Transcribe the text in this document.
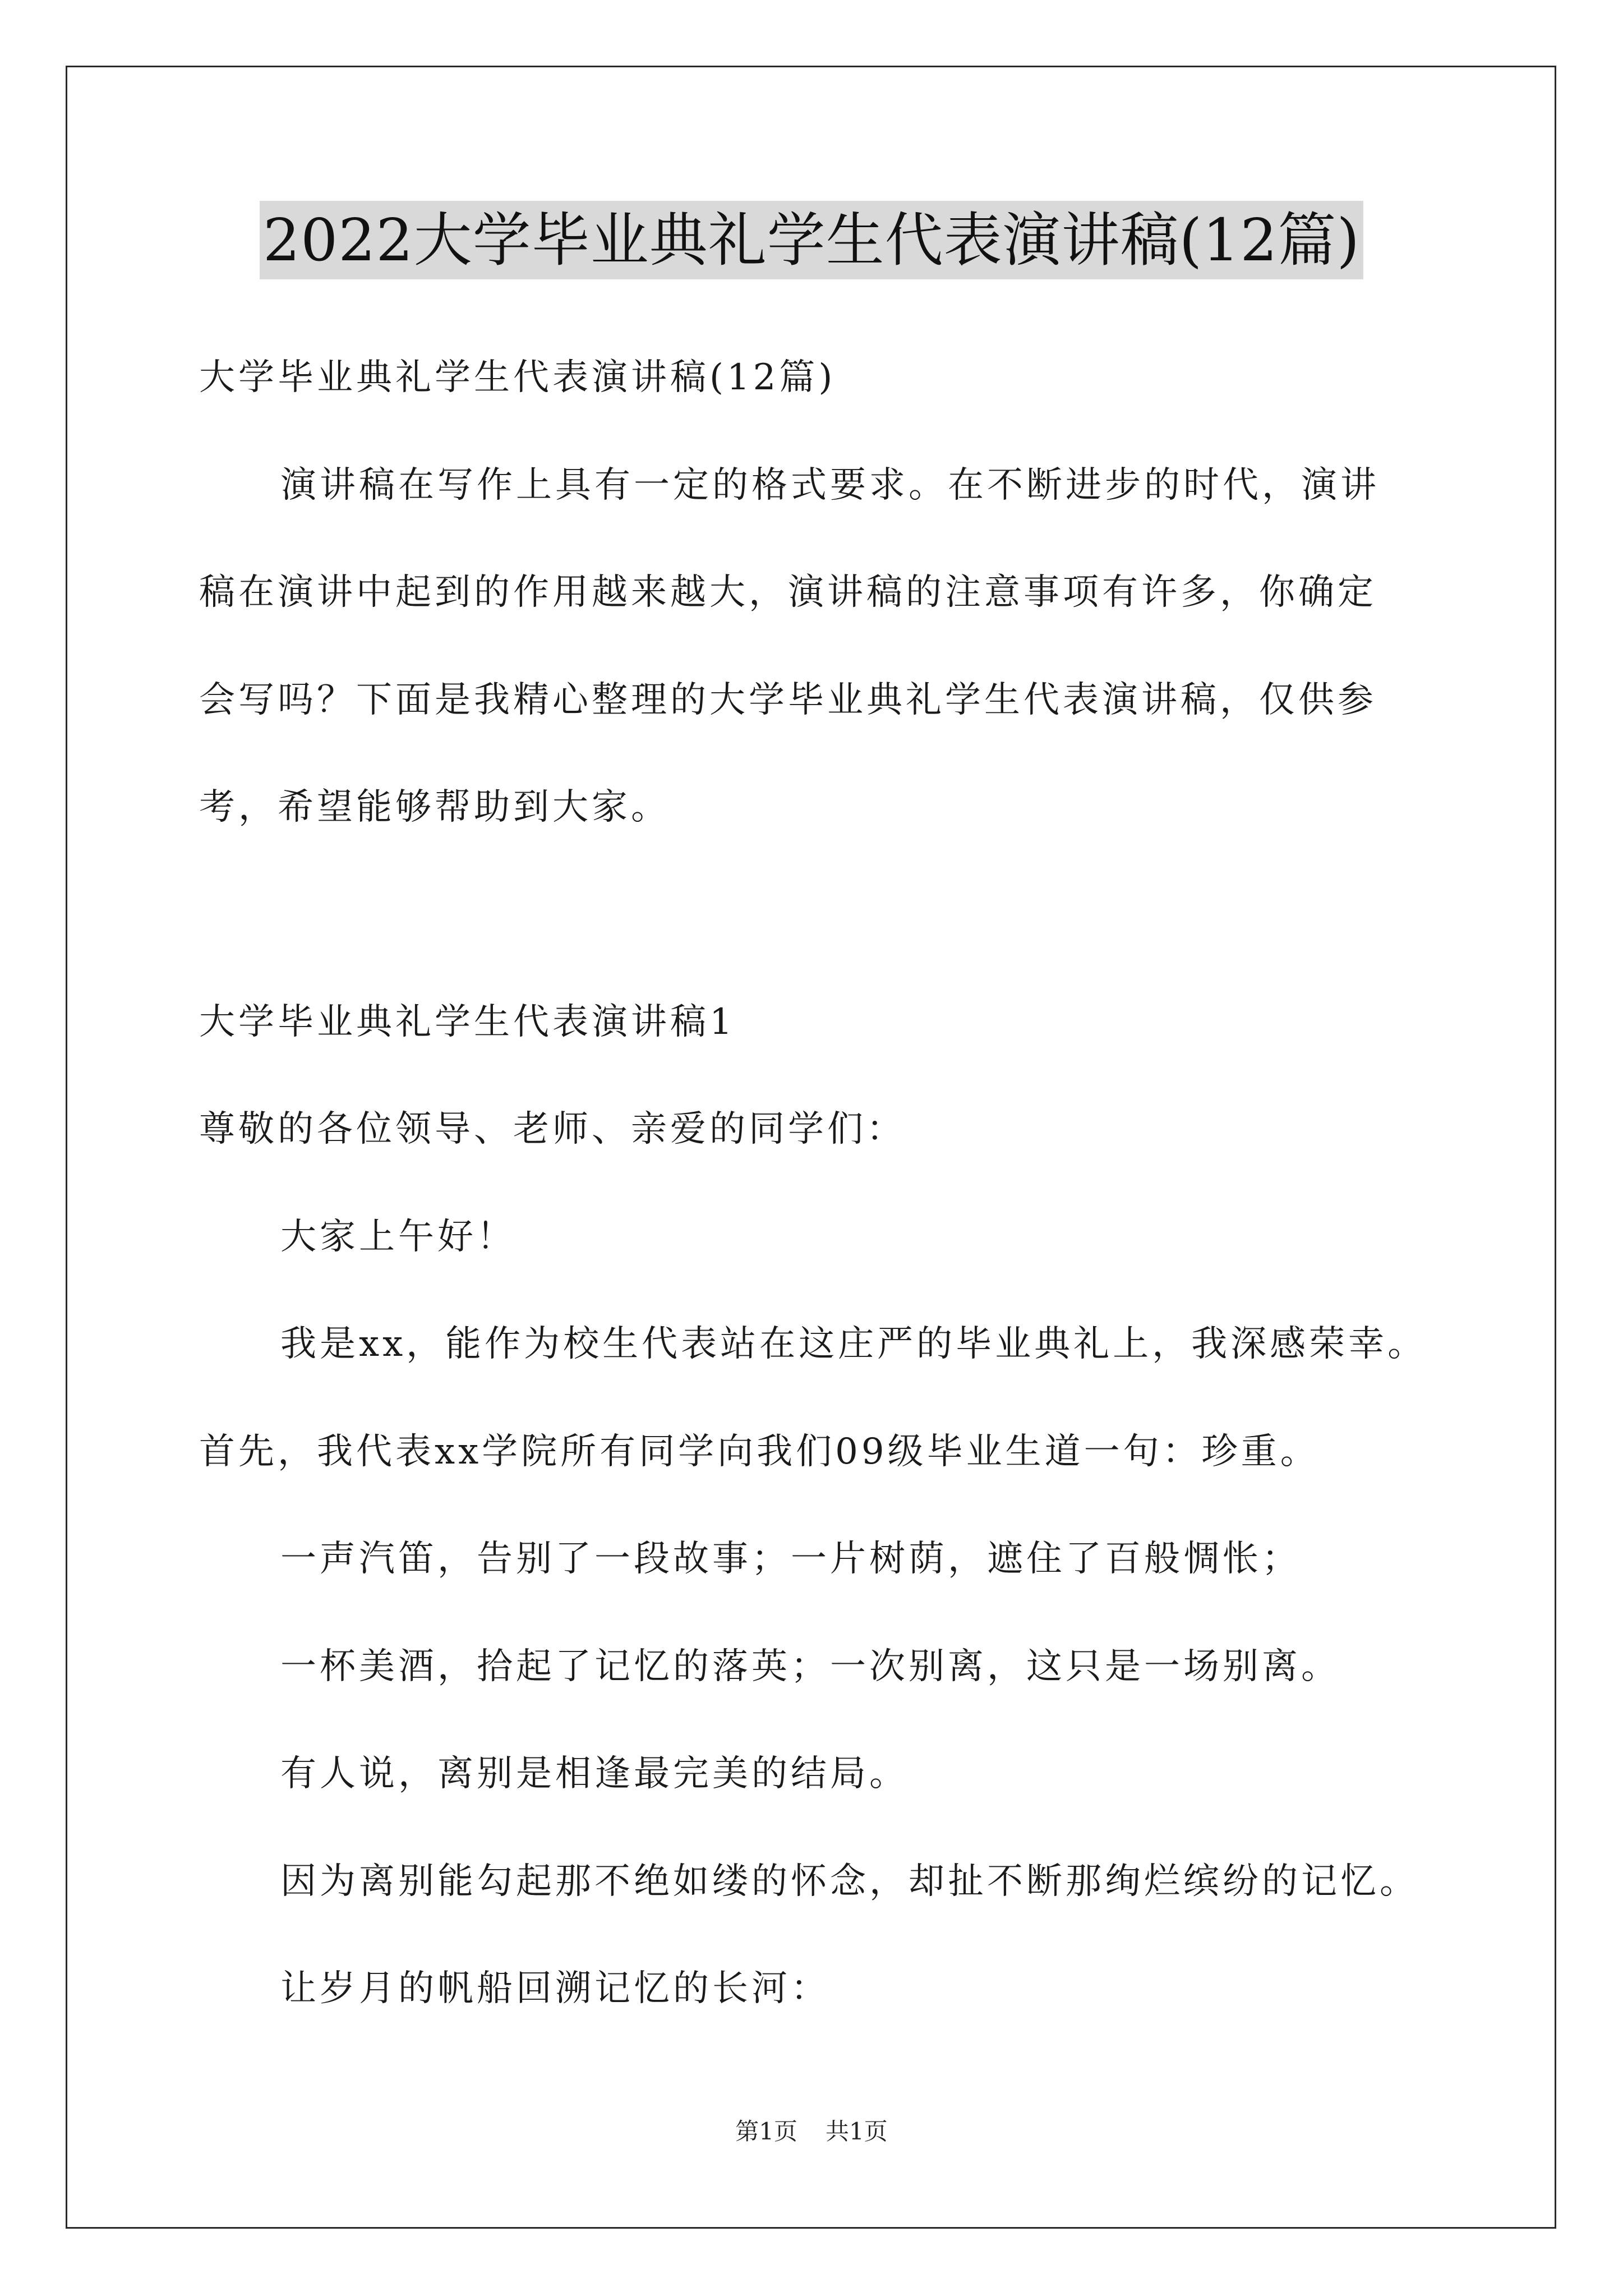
2022大学毕业典礼学生代表演讲稿(12篇)
大学毕业典礼学生代表演讲稿(12篇)
演讲稿在写作上具有一定的格式要求。在不断进步的时代，演讲
稿在演讲中起到的作用越来越大，演讲稿的注意事项有许多，你确定
会写吗？下面是我精心整理的大学毕业典礼学生代表演讲稿，仅供参
考，希望能够帮助到大家。
大学毕业典礼学生代表演讲稿1
尊敬的各位领导、老师、亲爱的同学们：
大家上午好！
我是xx，能作为校生代表站在这庄严的毕业典礼上，我深感荣幸。
首先，我代表xx学院所有同学向我们09级毕业生道一句：珍重。
一声汽笛，告别了一段故事；一片树荫，遮住了百般惆怅；
一杯美酒，拾起了记忆的落英；一次别离，这只是一场别离。
有人说，离别是相逢最完美的结局。
因为离别能勾起那不绝如缕的怀念，却扯不断那绚烂缤纷的记忆。
让岁月的帆船回溯记忆的长河：
第1页 共1页
